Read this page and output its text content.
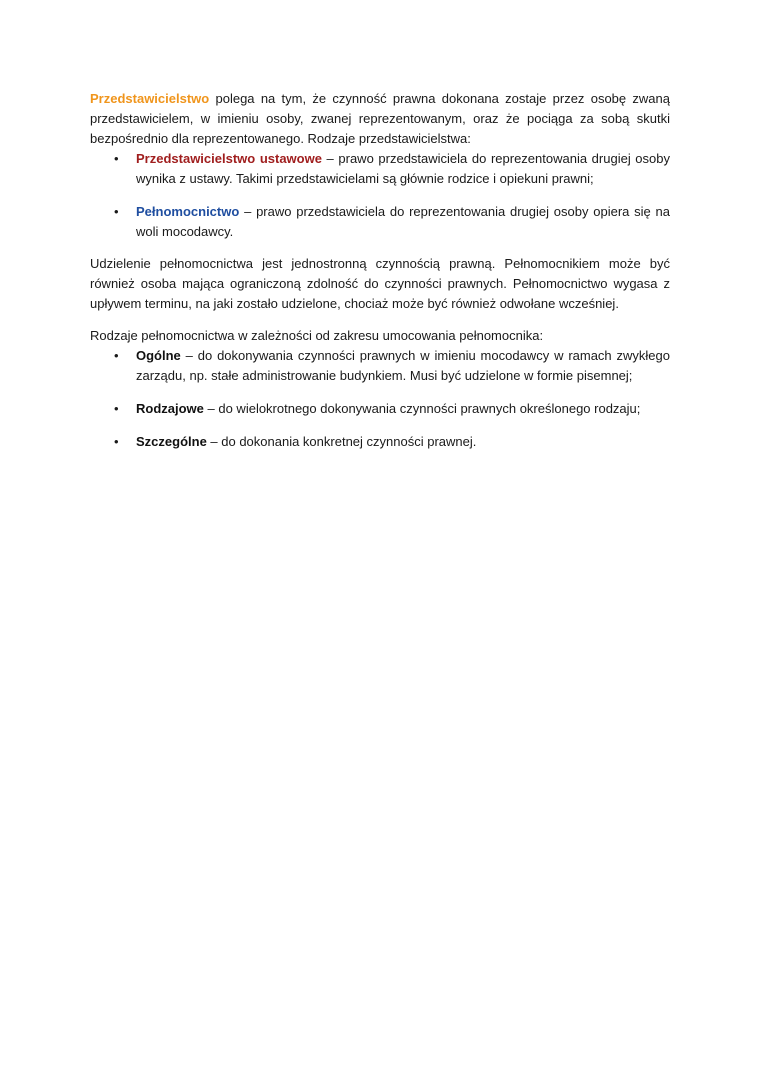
Przedstawicielstwo polega na tym, że czynność prawna dokonana zostaje przez osobę zwaną przedstawicielem, w imieniu osoby, zwanej reprezentowanym, oraz że pociąga za sobą skutki bezpośrednio dla reprezentowanego. Rodzaje przedstawicielstwa:

• Przedstawicielstwo ustawowe – prawo przedstawiciela do reprezentowania drugiej osoby wynika z ustawy. Takimi przedstawicielami są głównie rodzice i opiekuni prawni;
• Pełnomocnictwo – prawo przedstawiciela do reprezentowania drugiej osoby opiera się na woli mocodawcy.

Udzielenie pełnomocnictwa jest jednostronną czynnością prawną. Pełnomocnikiem może być również osoba mająca ograniczoną zdolność do czynności prawnych. Pełnomocnictwo wygasa z upływem terminu, na jaki zostało udzielone, chociaż może być również odwołane wcześniej.

Rodzaje pełnomocnictwa w zależności od zakresu umocowania pełnomocnika:

• Ogólne – do dokonywania czynności prawnych w imieniu mocodawcy w ramach zwykłego zarządu, np. stałe administrowanie budynkiem. Musi być udzielone w formie pisemnej;
• Rodzajowe – do wielokrotnego dokonywania czynności prawnych określonego rodzaju;
• Szczególne – do dokonania konkretnej czynności prawnej.
